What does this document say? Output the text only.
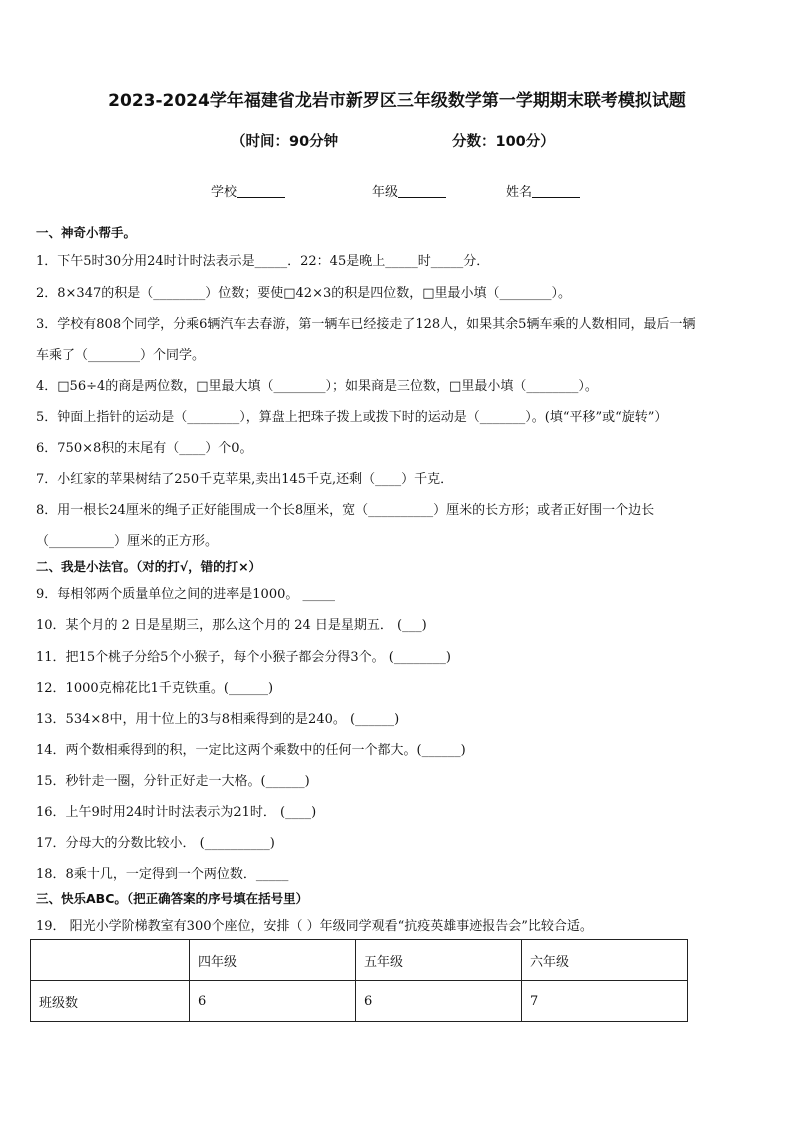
2023-2024学年福建省龙岩市新罗区三年级数学第一学期期末联考模拟试题
（时间：90分钟	分数：100分）
学校	年级	姓名
一、神奇小帮手。
1．下午5时30分用24时计时法表示是_____．22：45是晚上_____时_____分．
2．8×347的积是（________）位数；要使□42×3的积是四位数，□里最小填（________）。
3．学校有808个同学，分乘6辆汽车去春游，第一辆车已经接走了128人，如果其余5辆车乘的人数相同，最后一辆
车乘了（________）个同学。
4．□56÷4的商是两位数，□里最大填（________）；如果商是三位数，□里最小填（________）。
5．钟面上指针的运动是（________），算盘上把珠子拨上或拨下时的运动是（_______）。(填“平移”或“旋转”）
6．750×8积的末尾有（____）个0。
7．小红家的苹果树结了250千克苹果,卖出145千克,还剩（____）千克．
8．用一根长24厘米的绳子正好能围成一个长8厘米，宽（__________）厘米的长方形；或者正好围一个边长
（__________）厘米的正方形。
二、我是小法官。（对的打√，错的打×）
9．每相邻两个质量单位之间的进率是1000。 _____
10．某个月的 2 日是星期三，那么这个月的 24 日是星期五． (___)
11．把15个桃子分给5个小猴子，每个小猴子都会分得3个。 (________)
12．1000克棉花比1千克铁重。(______)
13．534×8中，用十位上的3与8相乘得到的是240。 (______)
14．两个数相乘得到的积，一定比这两个乘数中的任何一个都大。(______)
15．秒针走一圈，分针正好走一大格。(______)
16．上午9时用24时计时法表示为21时． (____)
17．分母大的分数比较小． (__________)
18．8乘十几，一定得到一个两位数．_____
三、快乐ABC。（把正确答案的序号填在括号里）
19． 阳光小学阶梯教室有300个座位，安排（ ）年级同学观看“抗疫英雄事迹报告会”比较合适。
	四年级	五年级	六年级
班级数	6	6	7
